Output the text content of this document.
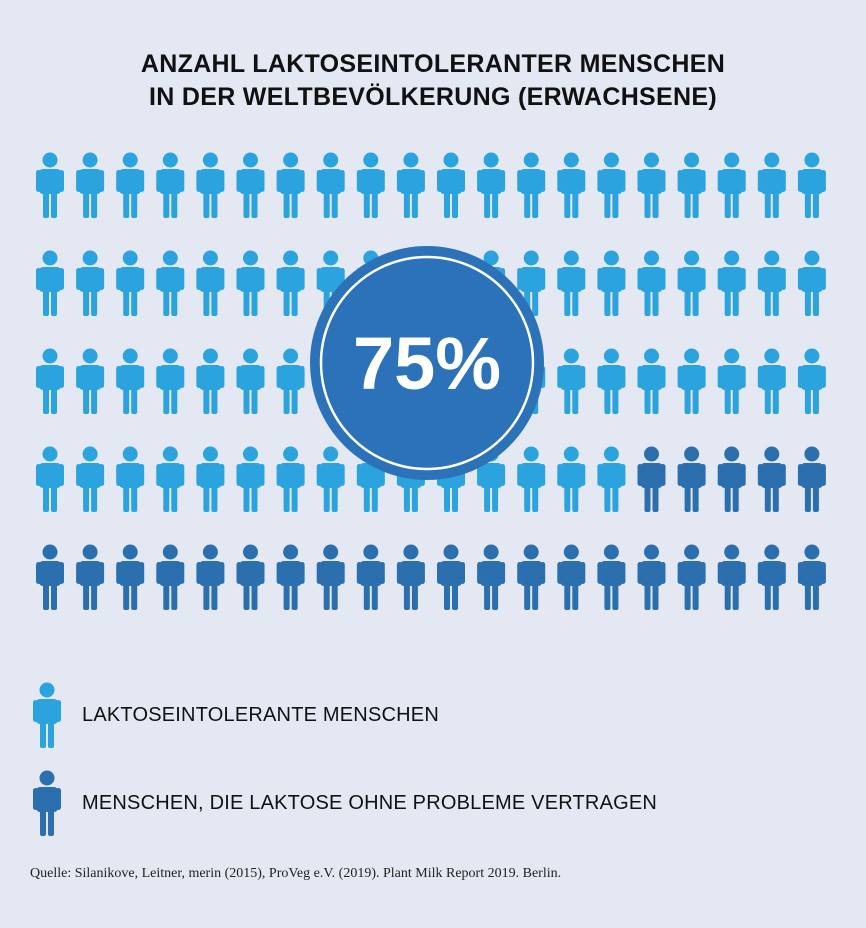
ANZAHL LAKTOSEINTOLERANTER MENSCHEN
IN DER WELTBEVÖLKERUNG (ERWACHSENE)
75%
LAKTOSEINTOLERANTE MENSCHEN
MENSCHEN, DIE LAKTOSE OHNE PROBLEME VERTRAGEN
Quelle: Silanikove, Leitner, merin (2015), ProVeg e.V. (2019). Plant Milk Report 2019. Berlin.
